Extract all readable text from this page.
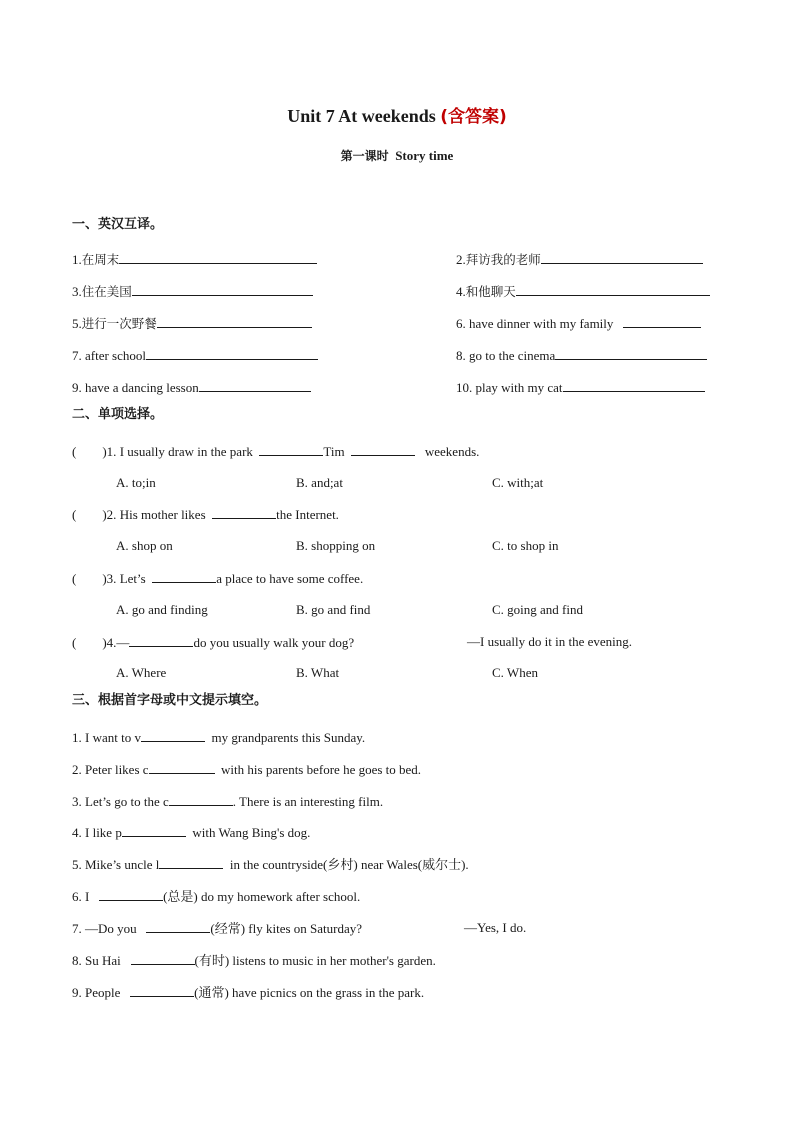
Unit 7 At weekends (含答案)
第一课时 Story time
一、英汉互译。
1.在周末	2.拜访我的老师
3.住在美国	4.和他聊天
5.进行一次野餐	6. have dinner with my family
7. after school	8. go to the cinema
9. have a dancing lesson	10. play with my cat
二、单项选择。
( )1. I usually draw in the park	Tim	weekends.
A. to;in	B. and;at	C. with;at
( )2. His mother likes	the Internet.
A. shop on	B. shopping on	C. to shop in
( )3. Let’s	a place to have some coffee.
A. go and finding	B. go and find	C. going and find
( )4.—	do you usually walk your dog?	—I usually do it in the evening.
A. Where	B. What	C. When
三、根据首字母或中文提示填空。
1. I want to v	my grandparents this Sunday.
2. Peter likes c	with his parents before he goes to bed.
3. Let’s go to the c	. There is an interesting film.
4. I like p	with Wang Bing's dog.
5. Mike’s uncle l	in the countryside(乡村) near Wales(威尔士).
6. I	(总是) do my homework after school.
7. —Do you	(经常) fly kites on Saturday?	—Yes, I do.
8. Su Hai	(有时) listens to music in her mother's garden.
9. People	(通常) have picnics on the grass in the park.
